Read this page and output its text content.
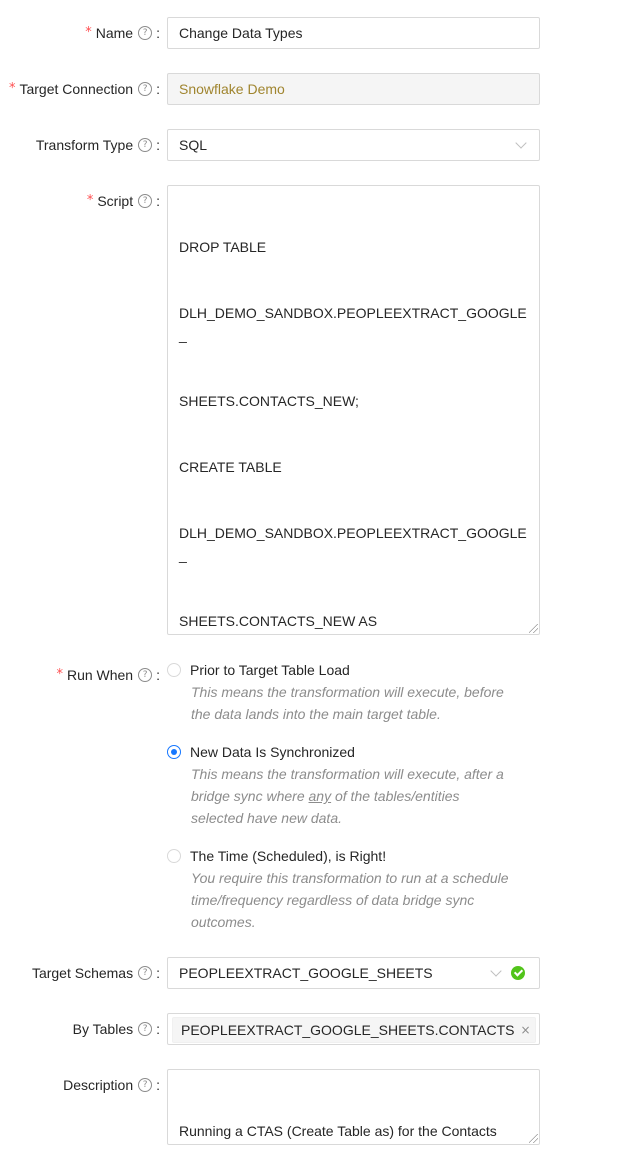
* Name	? :	Change Data Types
* Target Connection	? :	Snowflake Demo
Transform Type	? : SQL
* Script	? :

DROP TABLE

DLH_DEMO_SANDBOX.PEOPLEEXTRACT_GOOGLE_

SHEETS.CONTACTS_NEW;

CREATE TABLE

DLH_DEMO_SANDBOX.PEOPLEEXTRACT_GOOGLE_

SHEETS.CONTACTS_NEW AS

* Run When	? : Prior to Target Table Load
This means the transformation will execute, before
the data lands into the main target table.
New Data Is Synchronized
This means the transformation will execute, after a
bridge sync where any of the tables/entities
selected have new data.
The Time (Scheduled), is Right!
You require this transformation to run at a schedule
time/frequency regardless of data bridge sync
outcomes.
Target Schemas	? : PEOPLEEXTRACT_GOOGLE_SHEETS
By Tables	? : PEOPLEEXTRACT_GOOGLE_SHEETS.CONTACTS ×
Description	? :

Running a CTAS (Create Table as) for the Contacts
